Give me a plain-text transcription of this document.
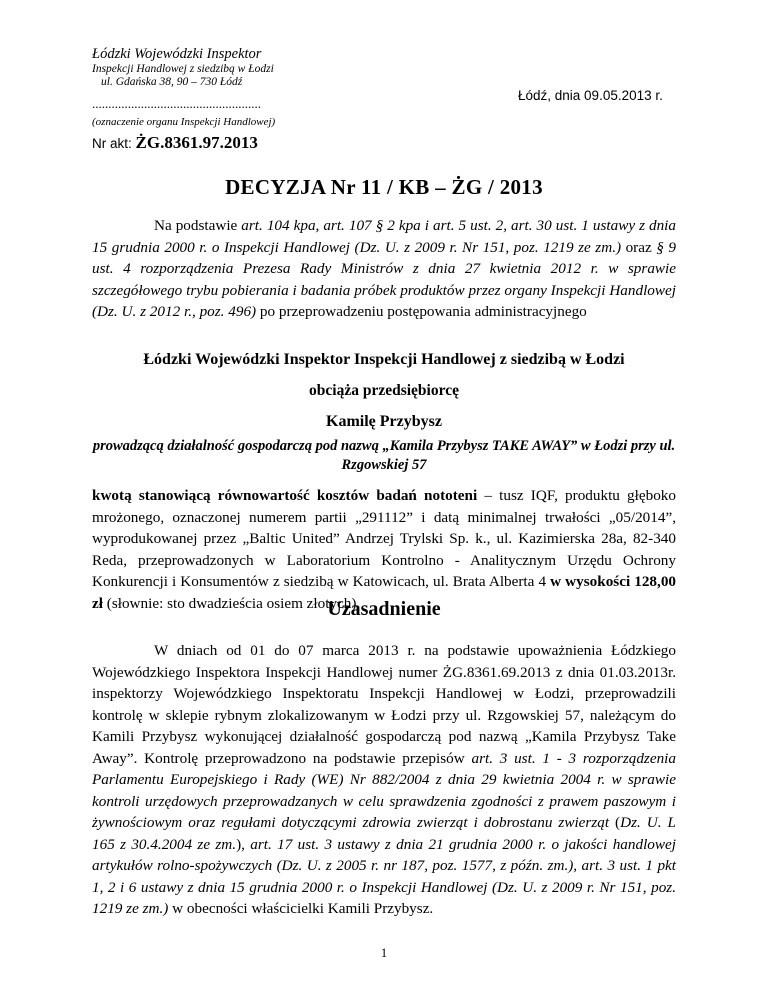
Łódzki Wojewódzki Inspektor
Inspekcji Handlowej z siedzibą w Łodzi
ul. Gdańska 38, 90 – 730 Łódź
....................................................
(oznaczenie organu Inspekcji Handlowej)
Łódź, dnia 09.05.2013 r.
Nr akt: ŻG.8361.97.2013
DECYZJA Nr 11 / KB – ŻG / 2013
Na podstawie art. 104 kpa, art. 107 § 2 kpa i art. 5 ust. 2, art. 30 ust. 1 ustawy z dnia 15 grudnia 2000 r. o Inspekcji Handlowej (Dz. U. z 2009 r. Nr 151, poz. 1219 ze zm.) oraz § 9 ust. 4 rozporządzenia Prezesa Rady Ministrów z dnia 27 kwietnia 2012 r. w sprawie szczegółowego trybu pobierania i badania próbek produktów przez organy Inspekcji Handlowej (Dz. U. z 2012 r., poz. 496) po przeprowadzeniu postępowania administracyjnego
Łódzki Wojewódzki Inspektor Inspekcji Handlowej z siedzibą w Łodzi
obciąża przedsiębiorcę
Kamilę Przybysz
prowadzącą działalność gospodarczą pod nazwą „Kamila Przybysz TAKE AWAY” w Łodzi przy ul. Rzgowskiej 57
kwotą stanowiącą równowartość kosztów badań nototeni – tusz IQF, produktu głęboko mrożonego, oznaczonej numerem partii „291112” i datą minimalnej trwałości „05/2014”, wyprodukowanej przez „Baltic United” Andrzej Trylski Sp. k., ul. Kazimierska 28a, 82-340 Reda, przeprowadzonych w Laboratorium Kontrolno - Analitycznym Urzędu Ochrony Konkurencji i Konsumentów z siedzibą w Katowicach, ul. Brata Alberta 4 w wysokości 128,00 zł (słownie: sto dwadzieścia osiem złotych).
Uzasadnienie
W dniach od 01 do 07 marca 2013 r. na podstawie upoważnienia Łódzkiego Wojewódzkiego Inspektora Inspekcji Handlowej numer ŻG.8361.69.2013 z dnia 01.03.2013r. inspektorzy Wojewódzkiego Inspektoratu Inspekcji Handlowej w Łodzi, przeprowadzili kontrolę w sklepie rybnym zlokalizowanym w Łodzi przy ul. Rzgowskiej 57, należącym do Kamili Przybysz wykonującej działalność gospodarczą pod nazwą „Kamila Przybysz Take Away”. Kontrolę przeprowadzono na podstawie przepisów art. 3 ust. 1 - 3 rozporządzenia Parlamentu Europejskiego i Rady (WE) Nr 882/2004 z dnia 29 kwietnia 2004 r. w sprawie kontroli urzędowych przeprowadzanych w celu sprawdzenia zgodności z prawem paszowym i żywnościowym oraz regułami dotyczącymi zdrowia zwierząt i dobrostanu zwierząt (Dz. U. L 165 z 30.4.2004 ze zm.), art. 17 ust. 3 ustawy z dnia 21 grudnia 2000 r. o jakości handlowej artykułów rolno-spożywczych (Dz. U. z 2005 r. nr 187, poz. 1577, z późn. zm.), art. 3 ust. 1 pkt 1, 2 i 6 ustawy z dnia 15 grudnia 2000 r. o Inspekcji Handlowej (Dz. U. z 2009 r. Nr 151, poz. 1219 ze zm.) w obecności właścicielki Kamili Przybysz.
1
